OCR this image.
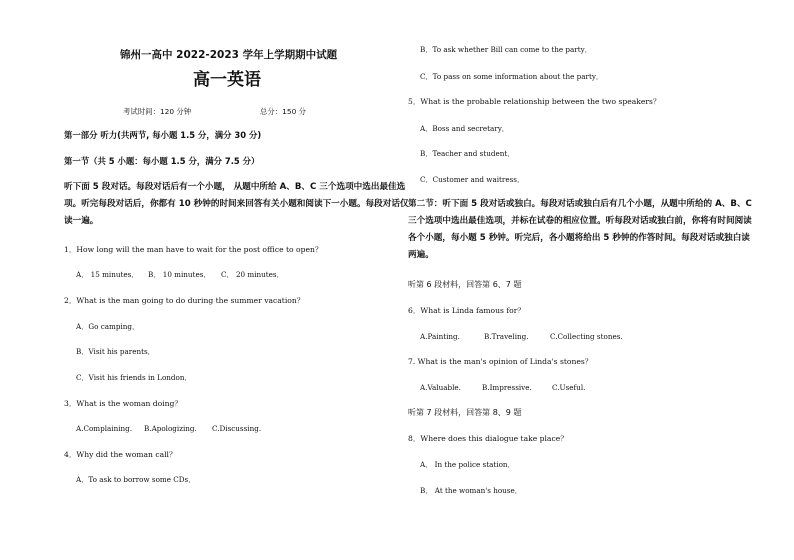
锦州一高中 2022-2023 学年上学期期中试题
高一英语
考试时间：120 分钟	总分：150 分
第一部分 听力(共两节, 每小题 1.5 分，满分 30 分)
第一节（共 5 小题：每小题 1.5 分，满分 7.5 分）
听下面 5 段对话。每段对话后有一个小题， 从题中所给 A、B、C 三个选项中选出最佳选项。听完每段对话后，你都有 10 秒钟的时间来回答有关小题和阅读下一小题。每段对话仅读一遍。
1．How long will the man have to wait for the post office to open？
A． 15 minutes． B． 10 minutes． C． 20 minutes．
2．What is the man going to do during the summer vacation？
A．Go camping．
B．Visit his parents．
C．Visit his friends in London．
3．What is the woman doing？
A.Complaining. B.Apologizing. C.Discussing.
4．Why did the woman call？
A．To ask to borrow some CDs．
B．To ask whether Bill can come to the party．
C．To pass on some information about the party．
5．What is the probable relationship between the two speakers？
A．Boss and secretary．
B．Teacher and student．
C．Customer and waitress．
第二节：听下面 5 段对话或独白。每段对话或独白后有几个小题，从题中所给的 A、B、C 三个选项中选出最佳选项，并标在试卷的相应位置。听每段对话或独白前，你将有时间阅读各个小题，每小题 5 秒钟。听完后，各小题将给出 5 秒钟的作答时间。每段对话或独白读两遍。
听第 6 段材料，回答第 6、7 题
6．What is Linda famous for？
A.Painting.	B.Traveling.	C.Collecting stones.
7. What is the man's opinion of Linda's stones？
A.Valuable.	B.Impressive.	C.Useful.
听第 7 段材料，回答第 8、9 题
8．Where does this dialogue take place？
A． In the police station．
B． At the woman's house．
